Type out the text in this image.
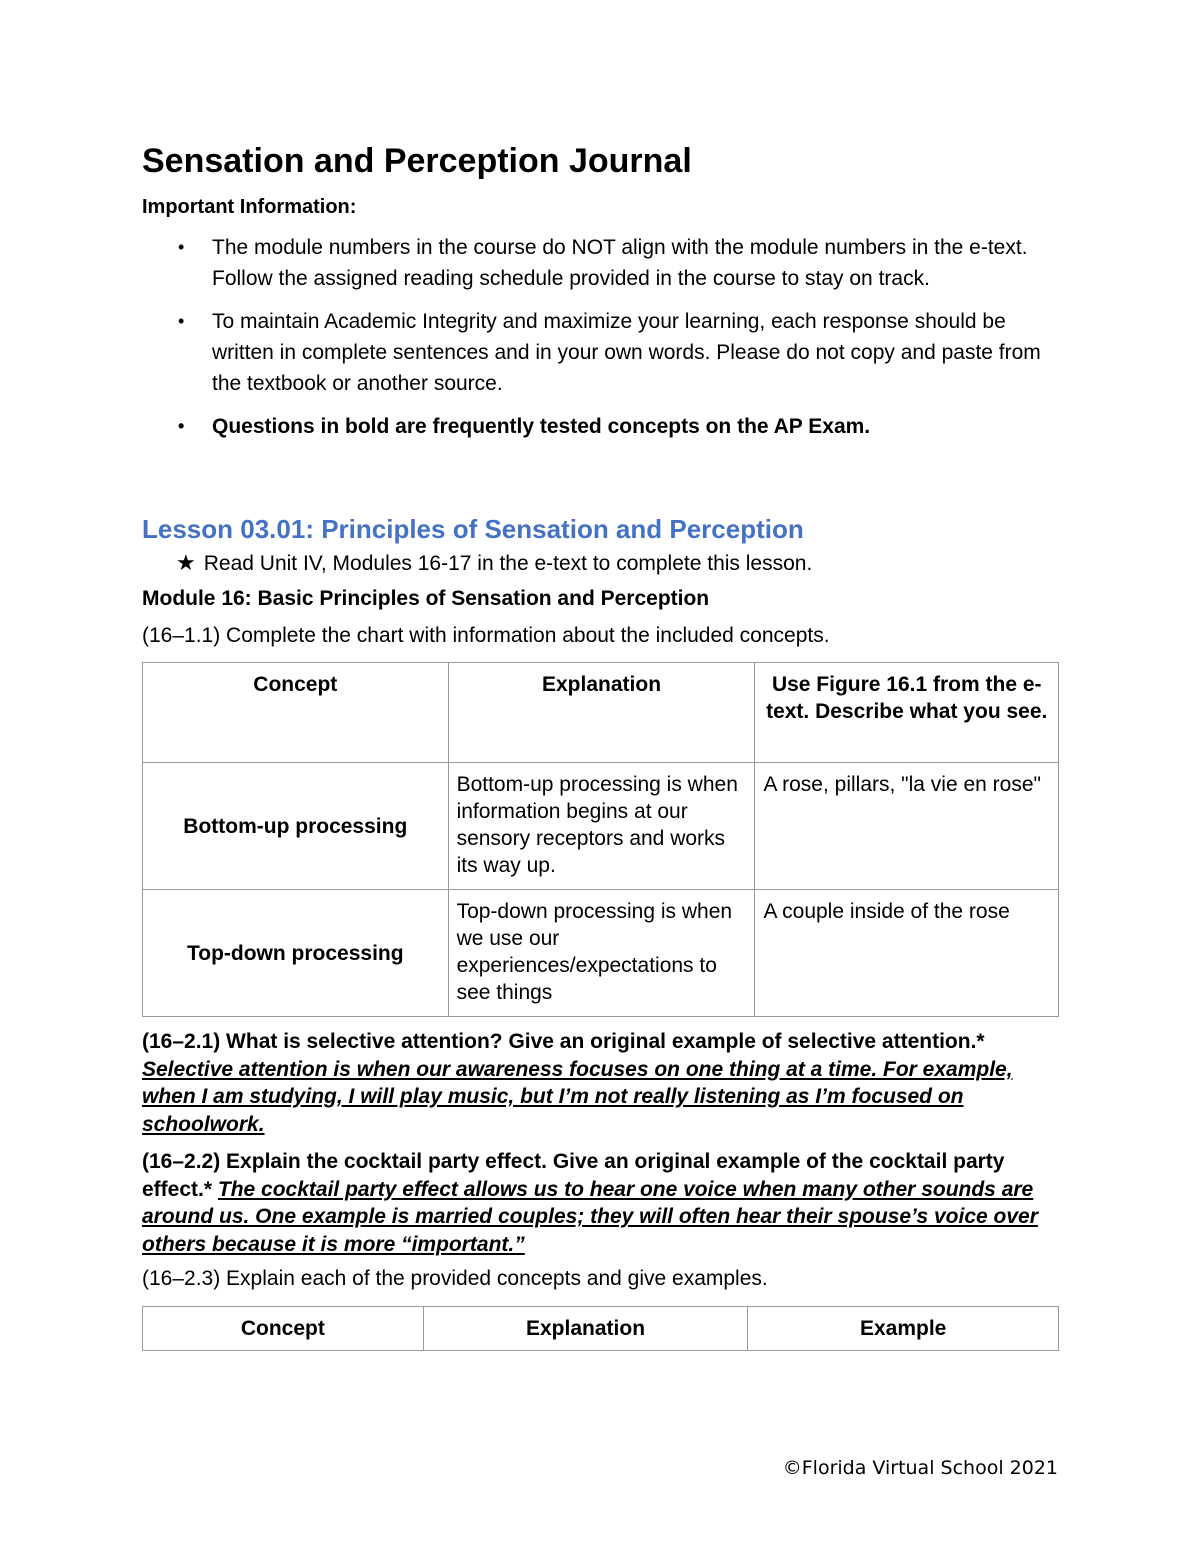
Sensation and Perception Journal

Important Information:

• The module numbers in the course do NOT align with the module numbers in the e-text. Follow the assigned reading schedule provided in the course to stay on track.
• To maintain Academic Integrity and maximize your learning, each response should be written in complete sentences and in your own words. Please do not copy and paste from the textbook or another source.
• Questions in bold are frequently tested concepts on the AP Exam.
Lesson 03.01: Principles of Sensation and Perception

★ Read Unit IV, Modules 16-17 in the e-text to complete this lesson.

Module 16: Basic Principles of Sensation and Perception

(16–1.1) Complete the chart with information about the included concepts.

Concept	Explanation	Use Figure 16.1 from the e-text. Describe what you see.
Bottom-up processing	Bottom-up processing is when information begins at our sensory receptors and works its way up.	A rose, pillars, "la vie en rose"
Top-down processing	Top-down processing is when we use our experiences/expectations to see things	A couple inside of the rose

(16–2.1) What is selective attention? Give an original example of selective attention.* Selective attention is when our awareness focuses on one thing at a time. For example, when I am studying, I will play music, but I’m not really listening as I’m focused on schoolwork.

(16–2.2) Explain the cocktail party effect. Give an original example of the cocktail party effect.* The cocktail party effect allows us to hear one voice when many other sounds are around us. One example is married couples; they will often hear their spouse’s voice over others because it is more “important.”

(16–2.3) Explain each of the provided concepts and give examples.

Concept	Explanation	Example

©Florida Virtual School 2021
